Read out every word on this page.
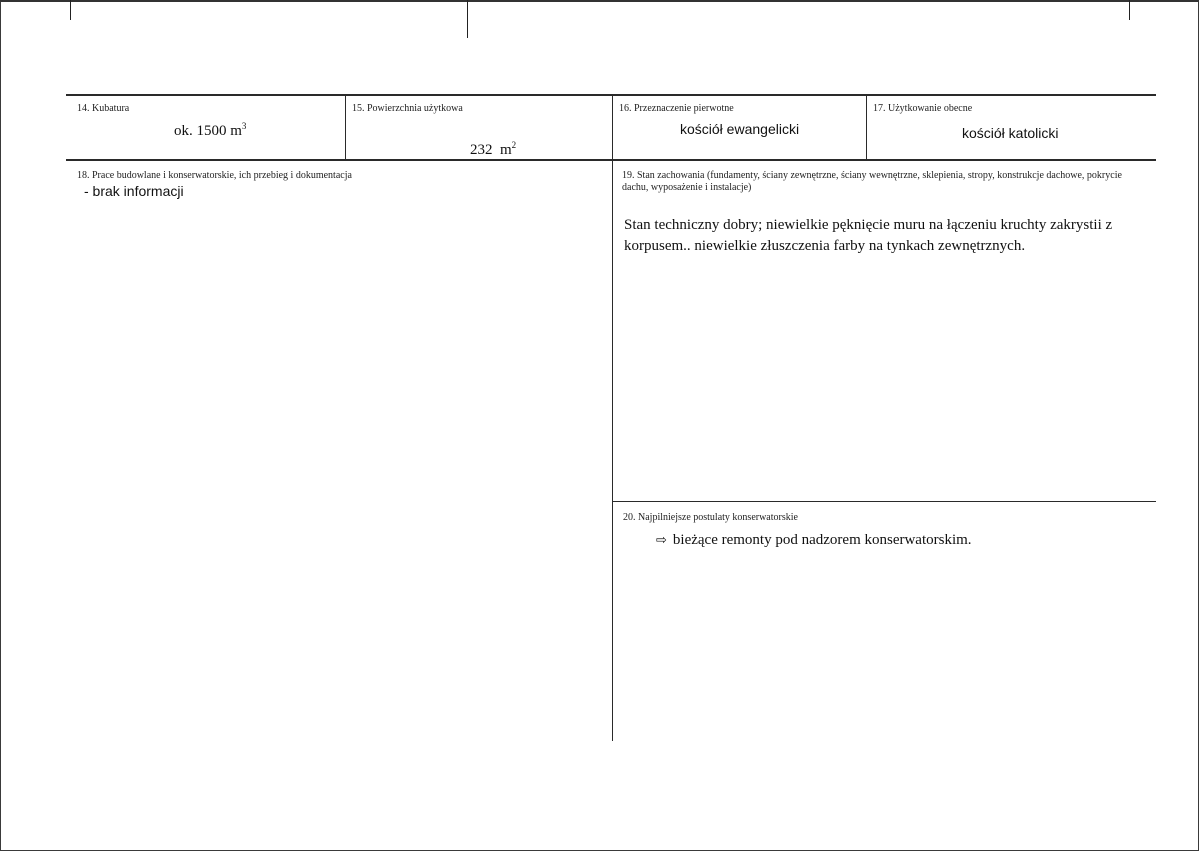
14. Kubatura
ok. 1500 $m^3$
15. Powierzchnia użytkowa

232  $m^2$

16. Przeznaczenie pierwotne
kościół ewangelicki
17. Użytkowanie obecne
kościół katolicki
18. Prace budowlane i konserwatorskie, ich przebieg i dokumentacja
- brak informacji
19. Stan zachowania (fundamenty, ściany zewnętrzne, ściany wewnętrzne, sklepienia, stropy, konstrukcje dachowe, pokrycie dachu, wyposażenie i instalacje)
Stan techniczny dobry; niewielkie pęknięcie muru na łączeniu kruchty zakrystii z korpusem.. niewielkie złuszczenia farby na tynkach zewnętrznych.
20. Najpilniejsze postulaty konserwatorskie
⇨ bieżące remonty pod nadzorem konserwatorskim.
